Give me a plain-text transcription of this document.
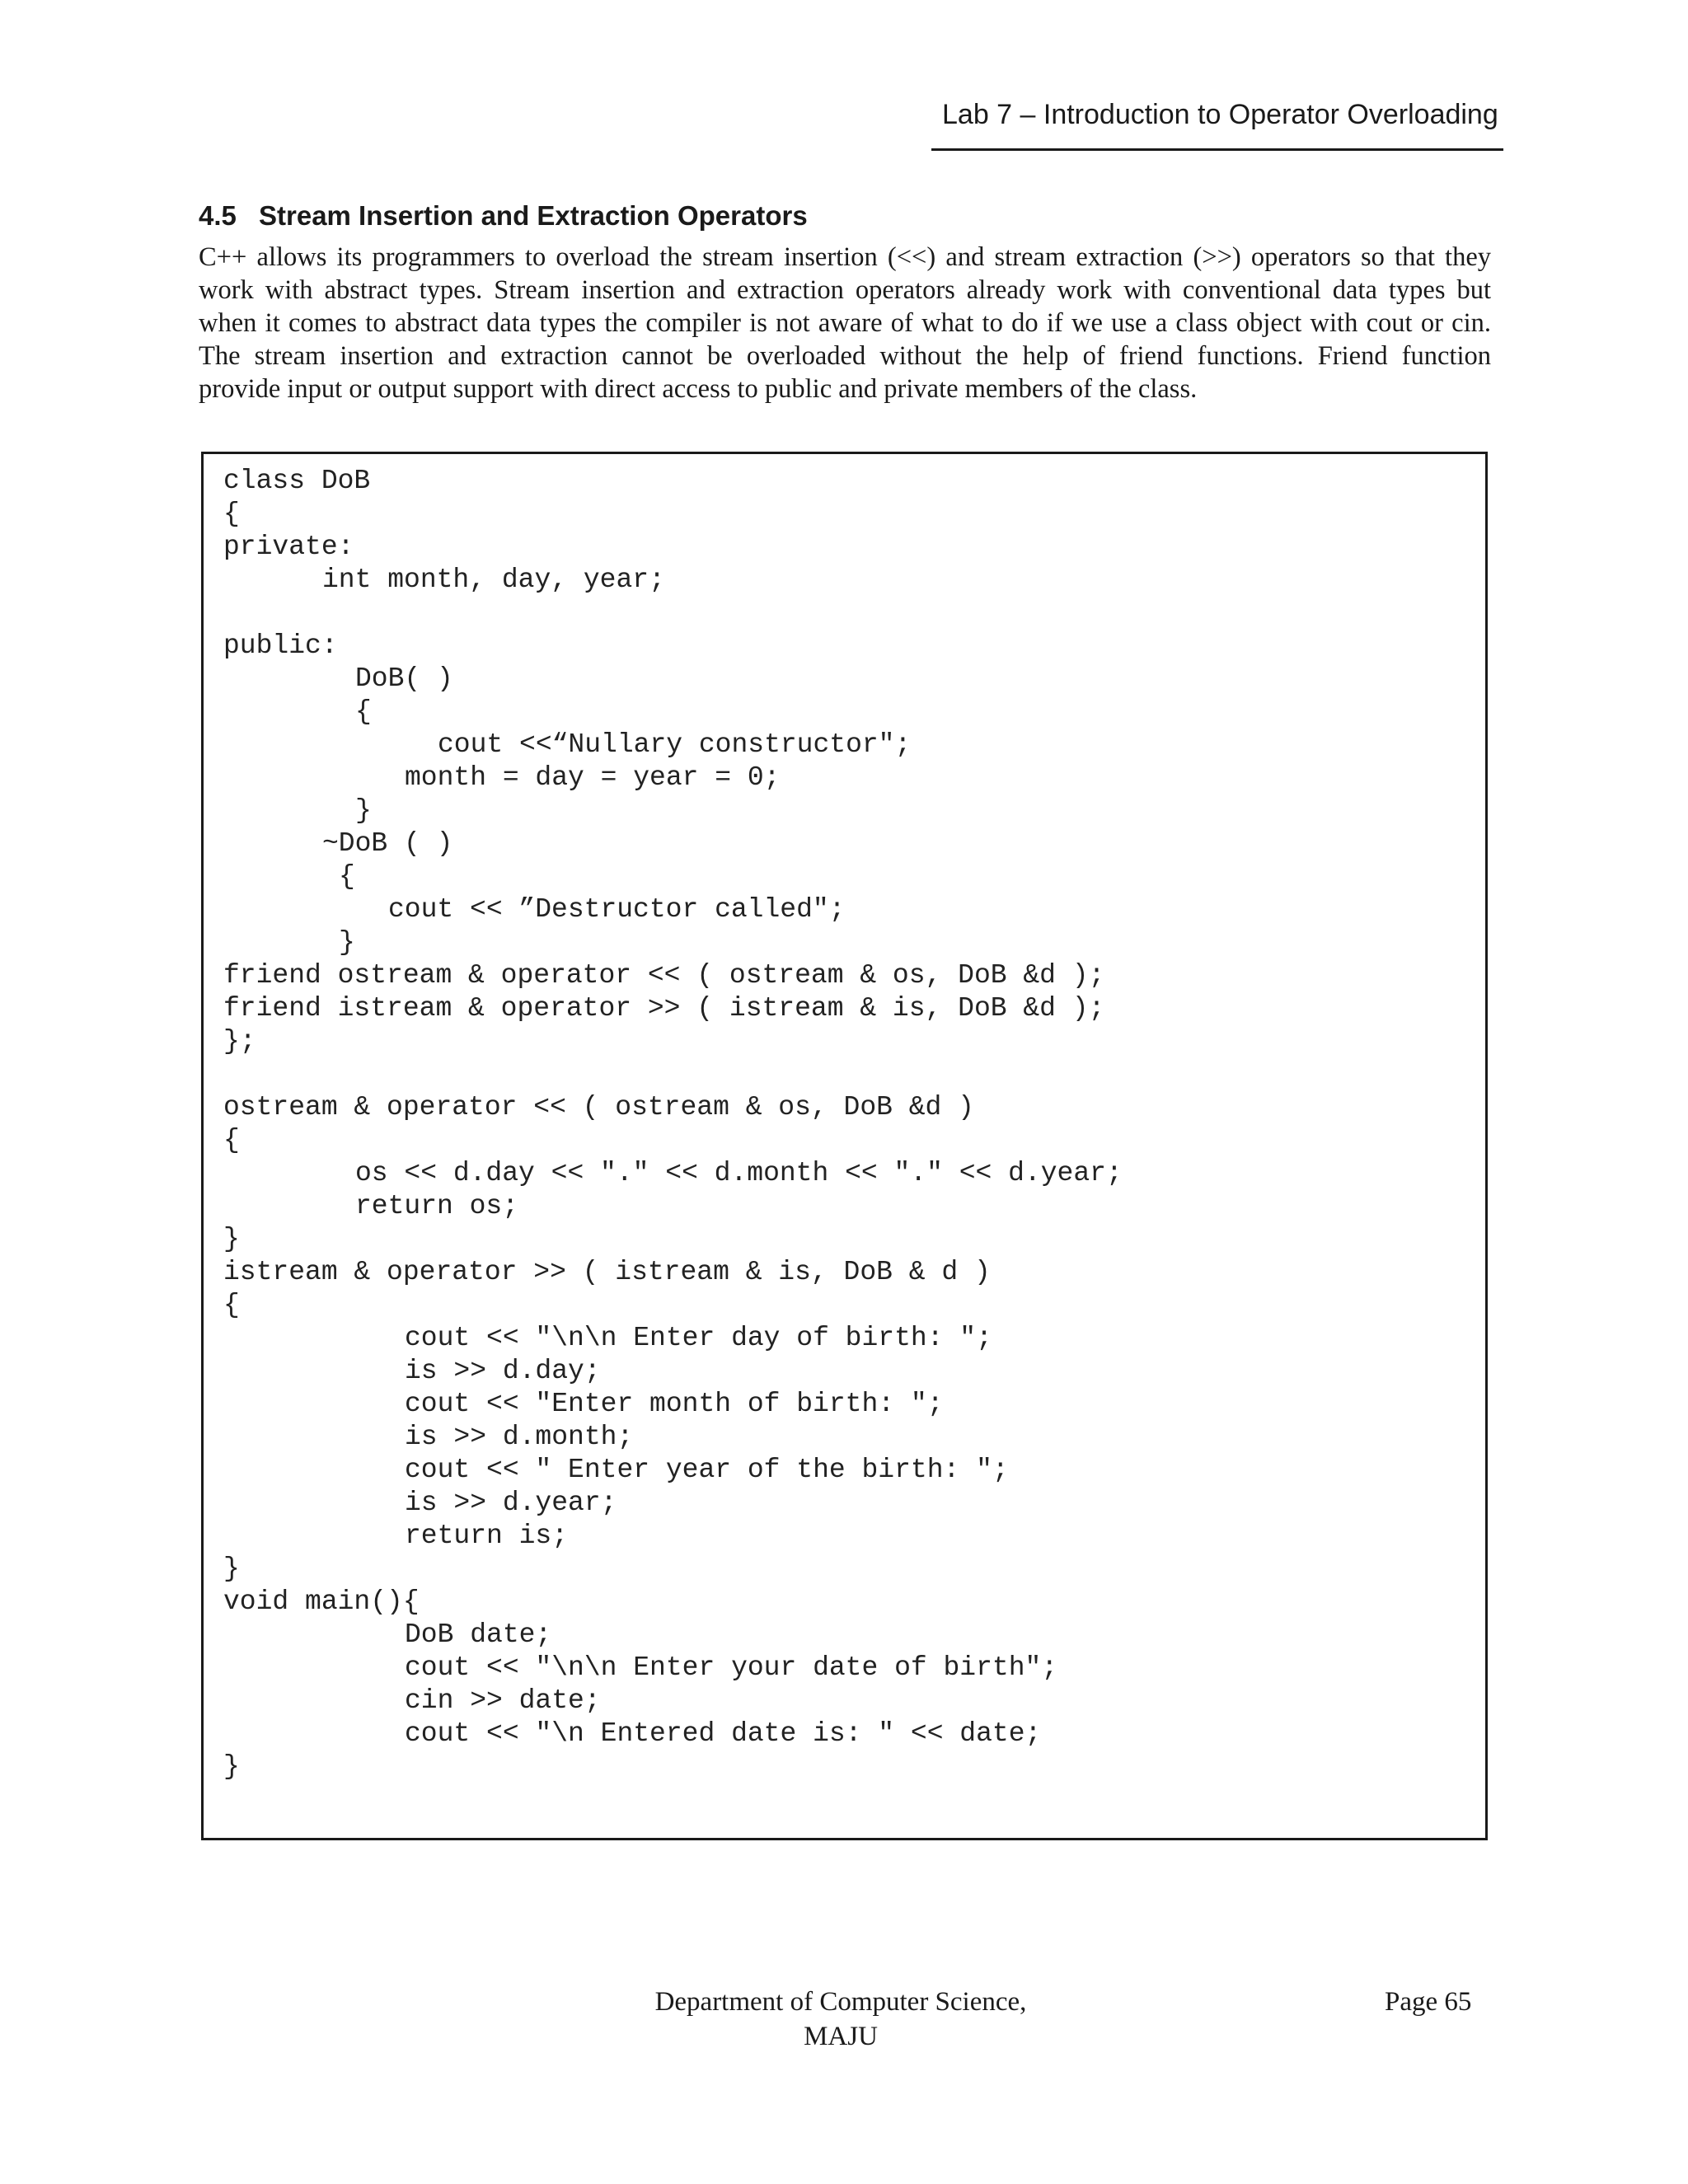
Lab 7 – Introduction to Operator Overloading
4.5 Stream Insertion and Extraction Operators
C++ allows its programmers to overload the stream insertion (<<) and stream extraction (>>) operators so that they
work with abstract types. Stream insertion and extraction operators already work with conventional data types but
when it comes to abstract data types the compiler is not aware of what to do if we use a class object with cout or cin.
The stream insertion and extraction cannot be overloaded without the help of friend functions. Friend function
provide input or output support with direct access to public and private members of the class.
class DoB
{
private:
int month, day, year;
public:
DoB( )
{
cout <<“Nullary constructor";
month = day = year = 0;
}
~DoB ( )
{
cout << ”Destructor called";
}
friend ostream & operator << ( ostream & os, DoB &d );
friend istream & operator >> ( istream & is, DoB &d );
};
ostream & operator << ( ostream & os, DoB &d )
{
os << d.day << "." << d.month << "." << d.year;
return os;
}
istream & operator >> ( istream & is, DoB & d )
{
cout << "\n\n Enter day of birth: ";
is >> d.day;
cout << "Enter month of birth: ";
is >> d.month;
cout << " Enter year of the birth: ";
is >> d.year;
return is;
}
void main(){
DoB date;
cout << "\n\n Enter your date of birth";
cin >> date;
cout << "\n Entered date is: " << date;
}
Department of Computer Science,
MAJU
Page 65
